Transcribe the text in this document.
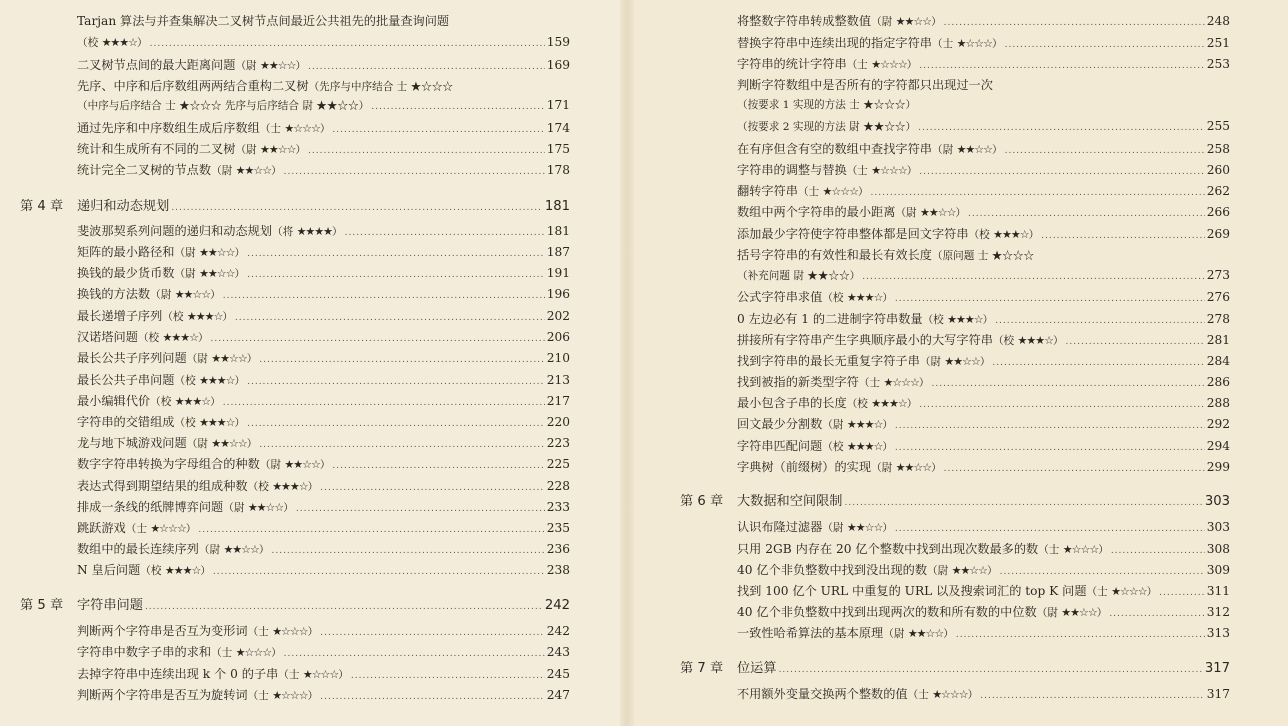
Tarjan 算法与并查集解决二叉树节点间最近公共祖先的批量查询问题
（校 ★★★☆） .....	159
二叉树节点间的最大距离问题 （尉 ★★☆☆） .....	169
先序、中序和后序数组两两结合重构二叉树 （先序与中序结合 士 ★☆☆☆
（中序与后序结合 士 ★☆☆☆ 先序与后序结合 尉 ★★☆☆） .....	171
通过先序和中序数组生成后序数组 （士 ★☆☆☆） .....	174
统计和生成所有不同的二叉树 （尉 ★★☆☆） .....	175
统计完全二叉树的节点数 （尉 ★★☆☆） .....	178
第 4 章	递归和动态规划 .....	181
斐波那契系列问题的递归和动态规划 （将 ★★★★） .....	181
矩阵的最小路径和 （尉 ★★☆☆） .....	187
换钱的最少货币数 （尉 ★★☆☆） .....	191
换钱的方法数 （尉 ★★☆☆） .....	196
最长递增子序列 （校 ★★★☆） .....	202
汉诺塔问题 （校 ★★★☆） .....	206
最长公共子序列问题 （尉 ★★☆☆） .....	210
最长公共子串问题 （校 ★★★☆） .....	213
最小编辑代价 （校 ★★★☆） .....	217
字符串的交错组成 （校 ★★★☆） .....	220
龙与地下城游戏问题 （尉 ★★☆☆） .....	223
数字字符串转换为字母组合的种数 （尉 ★★☆☆） .....	225
表达式得到期望结果的组成种数 （校 ★★★☆） .....	228
排成一条线的纸牌博弈问题 （尉 ★★☆☆） .....	233
跳跃游戏 （士 ★☆☆☆） .....	235
数组中的最长连续序列 （尉 ★★☆☆） .....	236
N 皇后问题 （校 ★★★☆） .....	238
第 5 章	字符串问题 .....	242
判断两个字符串是否互为变形词 （士 ★☆☆☆） .....	242
字符串中数字子串的求和 （士 ★☆☆☆） .....	243
去掉字符串中连续出现 k 个 0 的子串 （士 ★☆☆☆） .....	245
判断两个字符串是否互为旋转词 （士 ★☆☆☆） .....	247
将整数字符串转成整数值 （尉 ★★☆☆） .....	248
替换字符串中连续出现的指定字符串 （士 ★☆☆☆） .....	251
字符串的统计字符串 （士 ★☆☆☆） .....	253
判断字符数组中是否所有的字符都只出现过一次
（按要求 1 实现的方法 士 ★☆☆☆）
（按要求 2 实现的方法 尉 ★★☆☆） .....	255
在有序但含有空的数组中查找字符串 （尉 ★★☆☆） .....	258
字符串的调整与替换 （士 ★☆☆☆） .....	260
翻转字符串 （士 ★☆☆☆） .....	262
数组中两个字符串的最小距离 （尉 ★★☆☆） .....	266
添加最少字符使字符串整体都是回文字符串 （校 ★★★☆） .....	269
括号字符串的有效性和最长有效长度 （原问题 士 ★☆☆☆
（补充问题 尉 ★★☆☆） .....	273
公式字符串求值 （校 ★★★☆） .....	276
0 左边必有 1 的二进制字符串数量 （校 ★★★☆） .....	278
拼接所有字符串产生字典顺序最小的大写字符串 （校 ★★★☆） .....	281
找到字符串的最长无重复字符子串 （尉 ★★☆☆） .....	284
找到被指的新类型字符 （士 ★☆☆☆） .....	286
最小包含子串的长度 （校 ★★★☆） .....	288
回文最少分割数 （尉 ★★★☆） .....	292
字符串匹配问题 （校 ★★★☆） .....	294
字典树（前缀树）的实现 （尉 ★★☆☆） .....	299
第 6 章	大数据和空间限制 .....	303
认识布隆过滤器 （尉 ★★☆☆） .....	303
只用 2GB 内存在 20 亿个整数中找到出现次数最多的数 （士 ★☆☆☆） .....	308
40 亿个非负整数中找到没出现的数 （尉 ★★☆☆） .....	309
找到 100 亿个 URL 中重复的 URL 以及搜索词汇的 top K 问题 （士 ★☆☆☆） .....	311
40 亿个非负整数中找到出现两次的数和所有数的中位数 （尉 ★★☆☆） .....	312
一致性哈希算法的基本原理 （尉 ★★☆☆） .....	313
第 7 章	位运算 .....	317
不用额外变量交换两个整数的值 （士 ★☆☆☆） .....	317
